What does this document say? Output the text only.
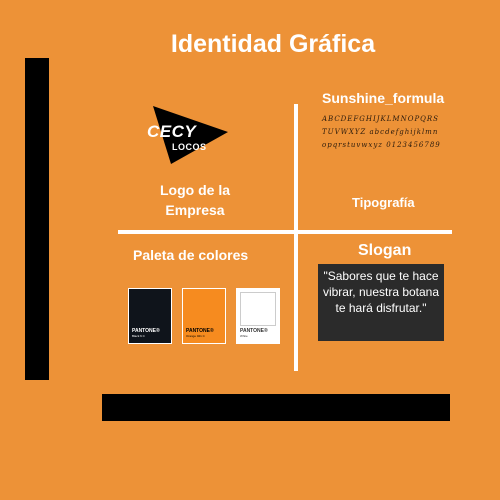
Identidad Gráfica
CECY
LOCOS
Logo de la Empresa
Sunshine_formula
ABCDEFGHIJKLMNOPQRSTUVWXYZ abcdefghijklmnopqrstuvwxyz 0123456789
Tipografía
Paleta de colores
PANTONE®
Black 6 C
PANTONE®
Orange 021 C
PANTONE®
White
Slogan
"Sabores que te hace vibrar, nuestra botana te hará disfrutar."
